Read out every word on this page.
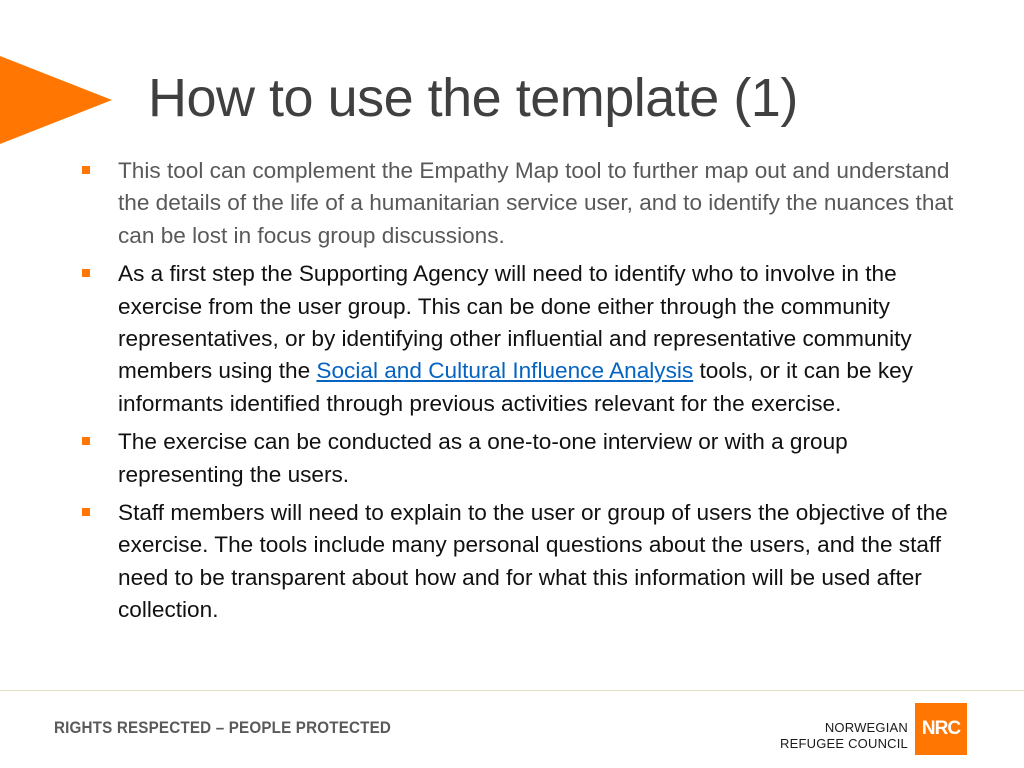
How to use the template (1)
This tool can complement the Empathy Map tool to further map out and understand the details of the life of a humanitarian service user, and to identify the nuances that can be lost in focus group discussions.
As a first step the Supporting Agency will need to identify who to involve in the exercise from the user group. This can be done either through the community representatives, or by identifying other influential and representative community members using the Social and Cultural Influence Analysis tools, or it can be key informants identified through previous activities relevant for the exercise.
The exercise can be conducted as a one-to-one interview or with a group representing the users.
Staff members will need to explain to the user or group of users the objective of the exercise. The tools include many personal questions about the users, and the staff need to be transparent about how and for what this information will be used after collection.
RIGHTS RESPECTED – PEOPLE PROTECTED	NORWEGIAN
REFUGEE COUNCIL
NRC
